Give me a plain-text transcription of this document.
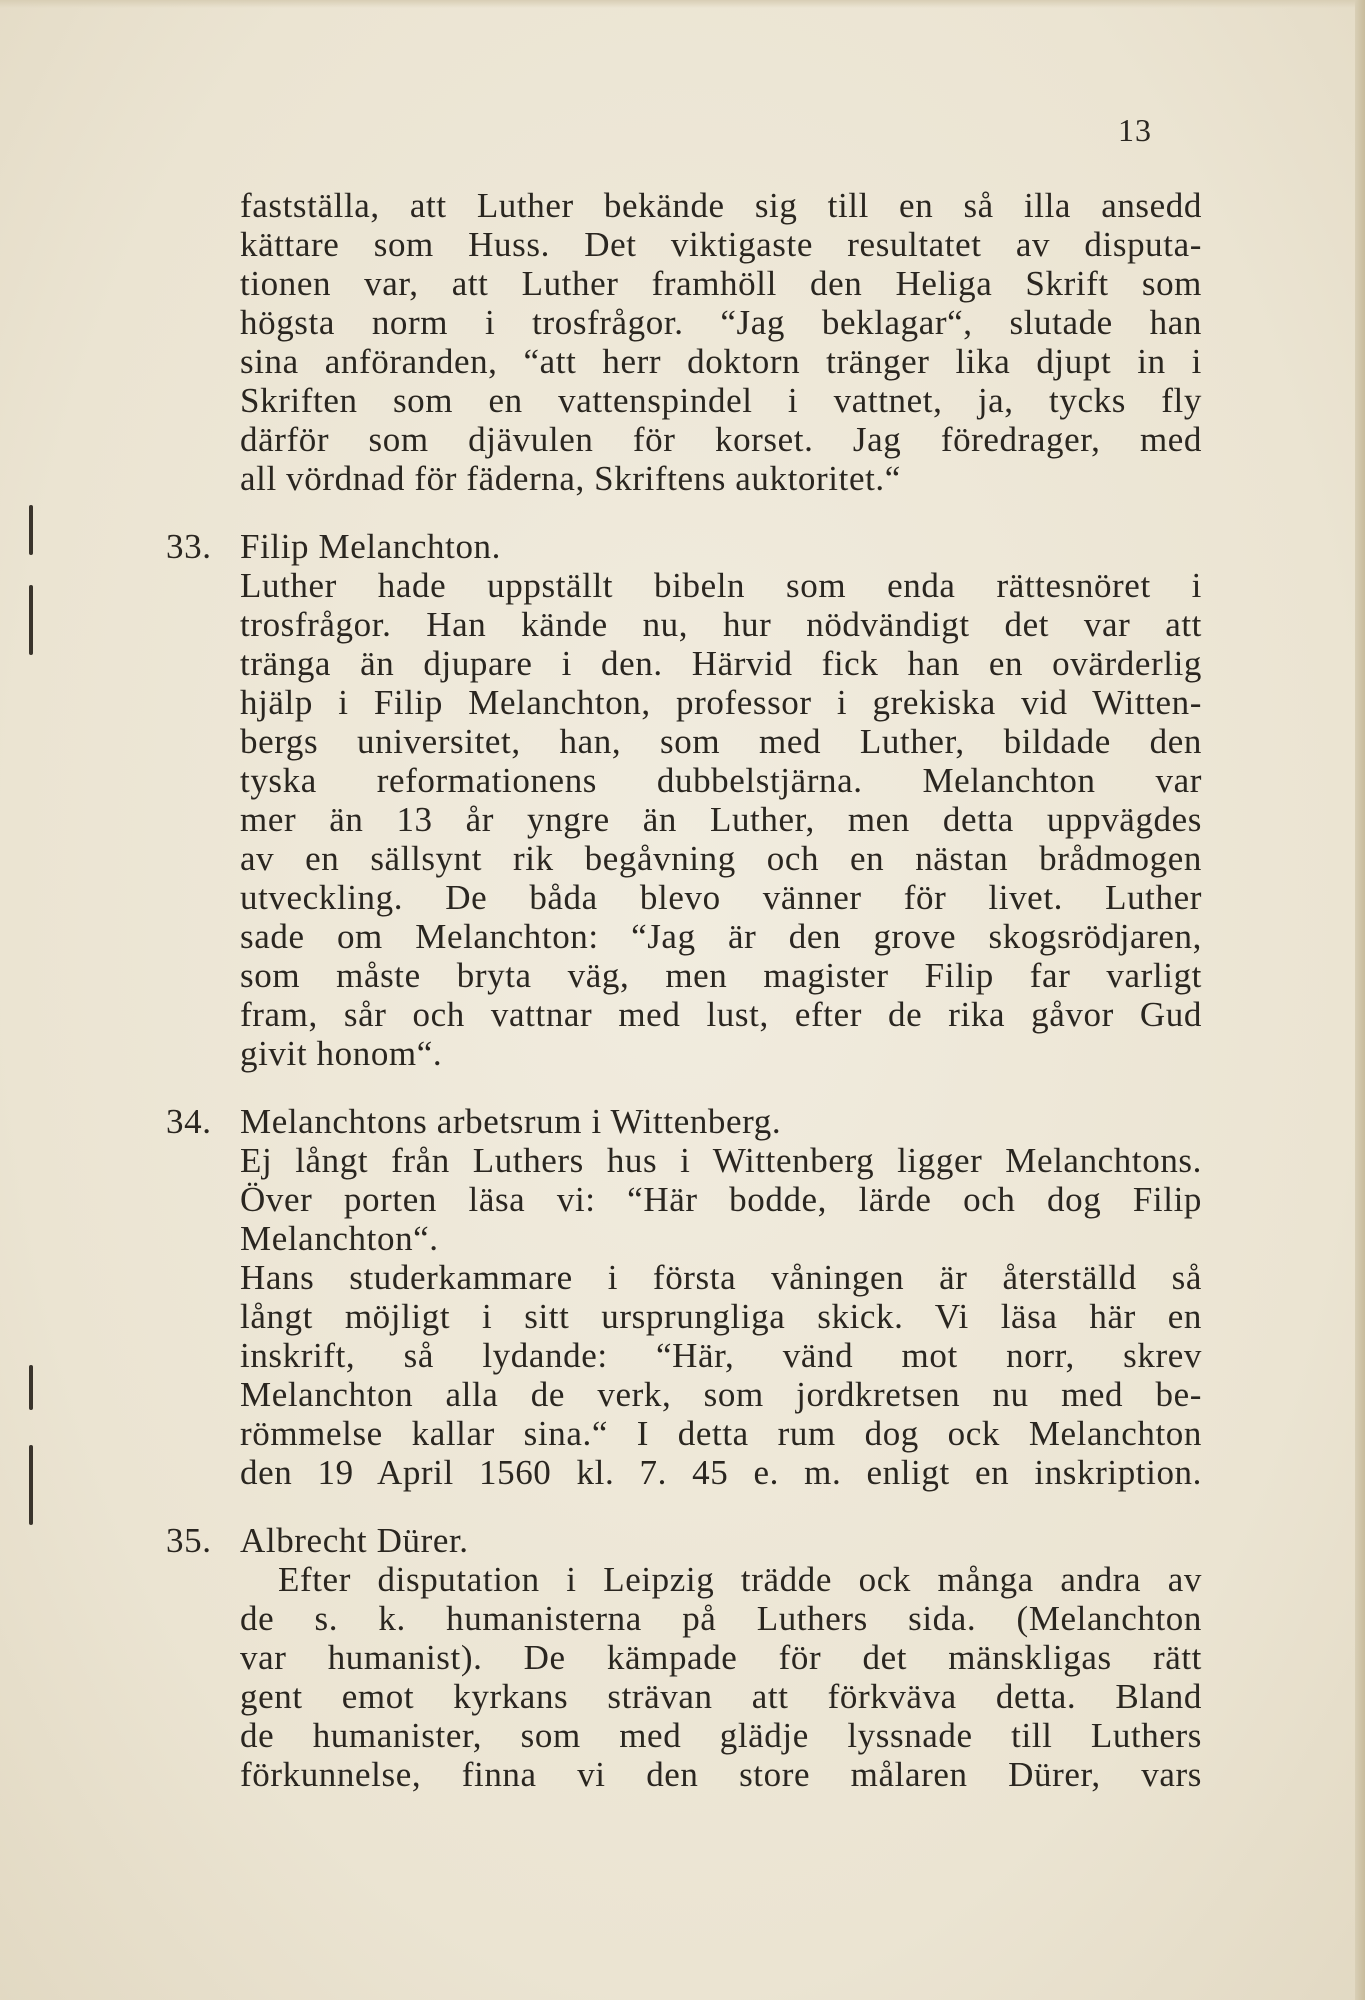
13
fastställa, att Luther bekände sig till en så illa ansedd
kättare som Huss. Det viktigaste resultatet av disputa-
tionen var, att Luther framhöll den Heliga Skrift som
högsta norm i trosfrågor. “Jag beklagar“, slutade han
sina anföranden, “att herr doktorn tränger lika djupt in i
Skriften som en vattenspindel i vattnet, ja, tycks fly
därför som djävulen för korset. Jag föredrager, med
all vördnad för fäderna, Skriftens auktoritet.“
33. Filip Melanchton.
Luther hade uppställt bibeln som enda rättesnöret i
trosfrågor. Han kände nu, hur nödvändigt det var att
tränga än djupare i den. Härvid fick han en ovärderlig
hjälp i Filip Melanchton, professor i grekiska vid Witten-
bergs universitet, han, som med Luther, bildade den
tyska reformationens dubbelstjärna. Melanchton var
mer än 13 år yngre än Luther, men detta uppvägdes
av en sällsynt rik begåvning och en nästan brådmogen
utveckling. De båda blevo vänner för livet. Luther
sade om Melanchton: “Jag är den grove skogsrödjaren,
som måste bryta väg, men magister Filip far varligt
fram, sår och vattnar med lust, efter de rika gåvor Gud
givit honom“.
34. Melanchtons arbetsrum i Wittenberg.
Ej långt från Luthers hus i Wittenberg ligger Melanchtons.
Över porten läsa vi: “Här bodde, lärde och dog Filip
Melanchton“.
Hans studerkammare i första våningen är återställd så
långt möjligt i sitt ursprungliga skick. Vi läsa här en
inskrift, så lydande: “Här, vänd mot norr, skrev
Melanchton alla de verk, som jordkretsen nu med be-
römmelse kallar sina.“ I detta rum dog ock Melanchton
den 19 April 1560 kl. 7. 45 e. m. enligt en inskription.
35. Albrecht Dürer.
Efter disputation i Leipzig trädde ock många andra av
de s. k. humanisterna på Luthers sida. (Melanchton
var humanist). De kämpade för det mänskligas rätt
gent emot kyrkans strävan att förkväva detta. Bland
de humanister, som med glädje lyssnade till Luthers
förkunnelse, finna vi den store målaren Dürer, vars
